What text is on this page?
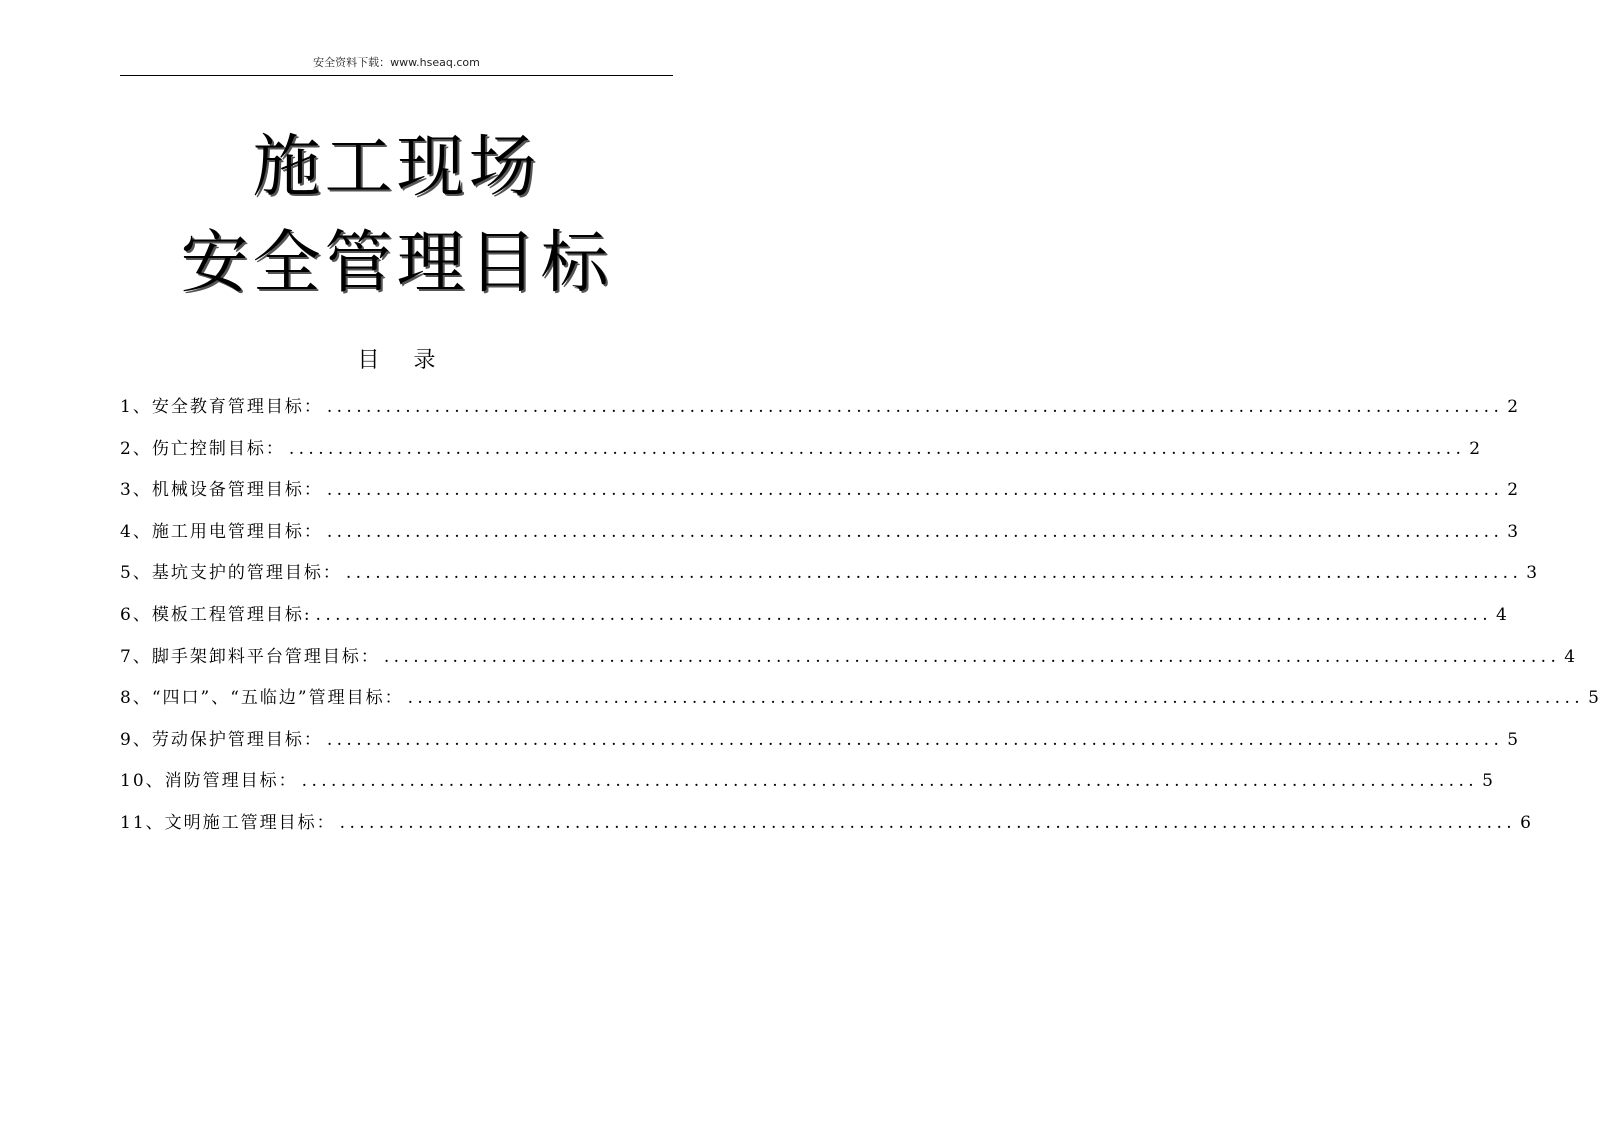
安全资料下载：www.hseaq.com
施工现场
安全管理目标
目录
1、安全教育管理目标： ........................................................................................................................ 2
2、伤亡控制目标： ........................................................................................................................ 2
3、机械设备管理目标： ........................................................................................................................ 2
4、施工用电管理目标： ........................................................................................................................ 3
5、基坑支护的管理目标： ........................................................................................................................ 3
6、模板工程管理目标: ........................................................................................................................ 4
7、脚手架卸料平台管理目标： ........................................................................................................................ 4
8、“四口”、“五临边”管理目标： ........................................................................................................................ 5
9、劳动保护管理目标： ........................................................................................................................ 5
10、消防管理目标： ........................................................................................................................ 5
11、文明施工管理目标： ........................................................................................................................ 6
